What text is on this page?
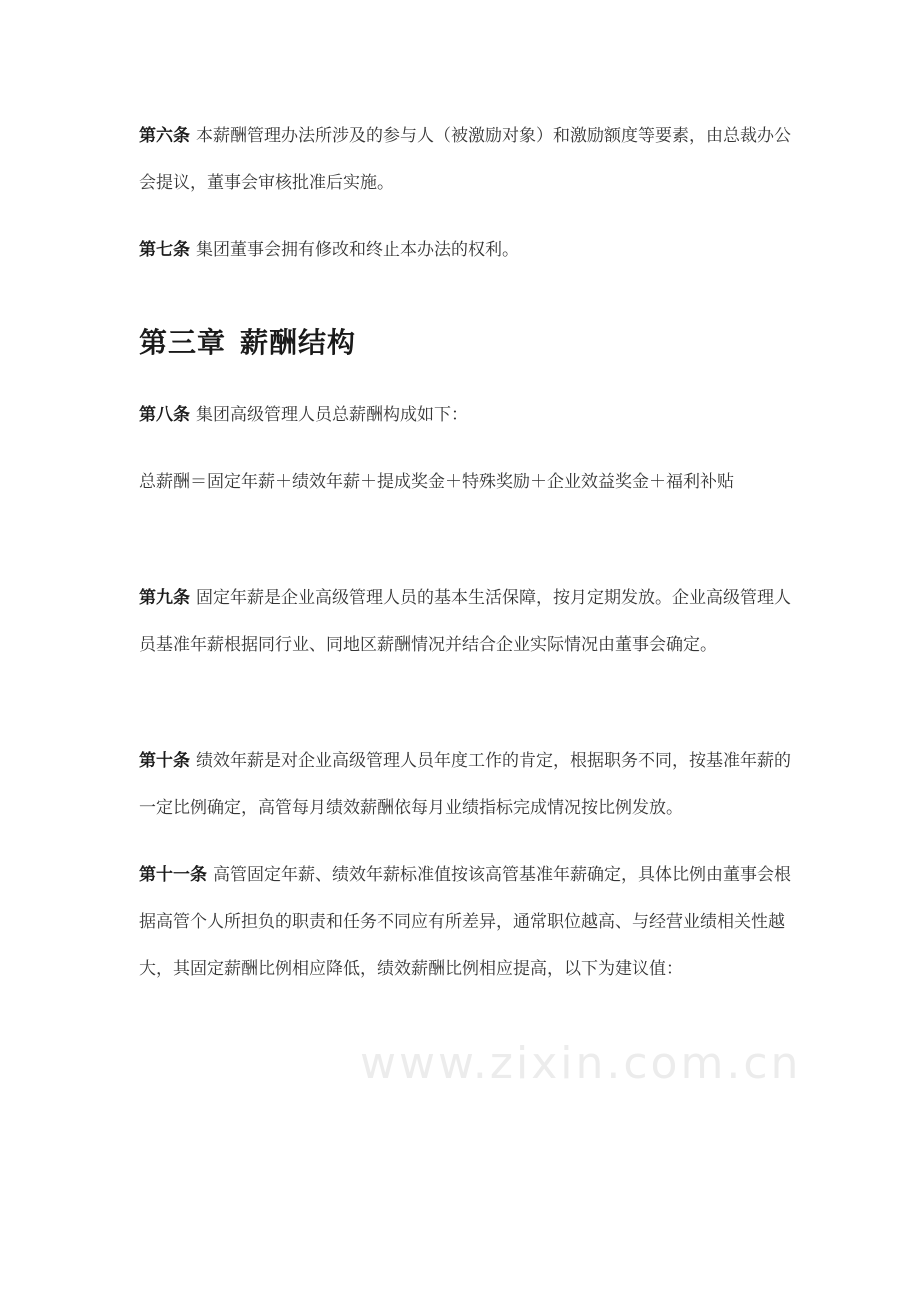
第六条 本薪酬管理办法所涉及的参与人（被激励对象）和激励额度等要素，由总裁办公会提议，董事会审核批准后实施。

第七条 集团董事会拥有修改和终止本办法的权利。

第三章 薪酬结构

第八条 集团高级管理人员总薪酬构成如下：

总薪酬＝固定年薪＋绩效年薪＋提成奖金＋特殊奖励＋企业效益奖金＋福利补贴

第九条 固定年薪是企业高级管理人员的基本生活保障，按月定期发放。企业高级管理人员基准年薪根据同行业、同地区薪酬情况并结合企业实际情况由董事会确定。

第十条 绩效年薪是对企业高级管理人员年度工作的肯定，根据职务不同，按基准年薪的一定比例确定，高管每月绩效薪酬依每月业绩指标完成情况按比例发放。

第十一条 高管固定年薪、绩效年薪标准值按该高管基准年薪确定，具体比例由董事会根据高管个人所担负的职责和任务不同应有所差异，通常职位越高、与经营业绩相关性越大，其固定薪酬比例相应降低，绩效薪酬比例相应提高，以下为建议值：

www.zixin.com.cn
